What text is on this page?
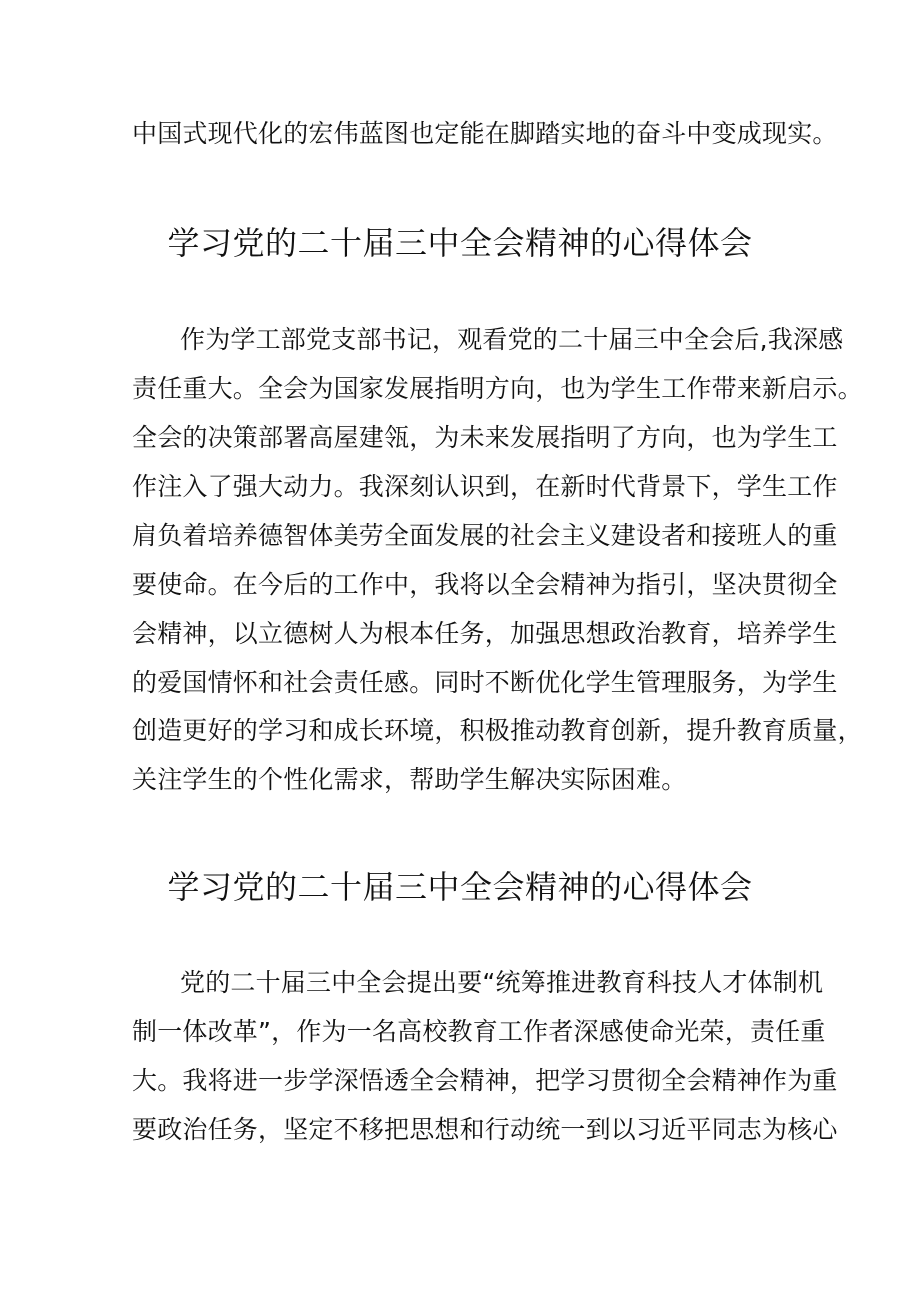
中国式现代化的宏伟蓝图也定能在脚踏实地的奋斗中变成现实。
学习党的二十届三中全会精神的心得体会
作为学工部党支部书记，观看党的二十届三中全会后,我深感
责任重大。全会为国家发展指明方向，也为学生工作带来新启示。
全会的决策部署高屋建瓴，为未来发展指明了方向，也为学生工
作注入了强大动力。我深刻认识到，在新时代背景下，学生工作
肩负着培养德智体美劳全面发展的社会主义建设者和接班人的重
要使命。在今后的工作中，我将以全会精神为指引，坚决贯彻全
会精神，以立德树人为根本任务，加强思想政治教育，培养学生
的爱国情怀和社会责任感。同时不断优化学生管理服务，为学生
创造更好的学习和成长环境，积极推动教育创新，提升教育质量，
关注学生的个性化需求，帮助学生解决实际困难。
学习党的二十届三中全会精神的心得体会
党的二十届三中全会提出要“统筹推进教育科技人才体制机
制一体改革”，作为一名高校教育工作者深感使命光荣，责任重
大。我将进一步学深悟透全会精神，把学习贯彻全会精神作为重
要政治任务，坚定不移把思想和行动统一到以习近平同志为核心
